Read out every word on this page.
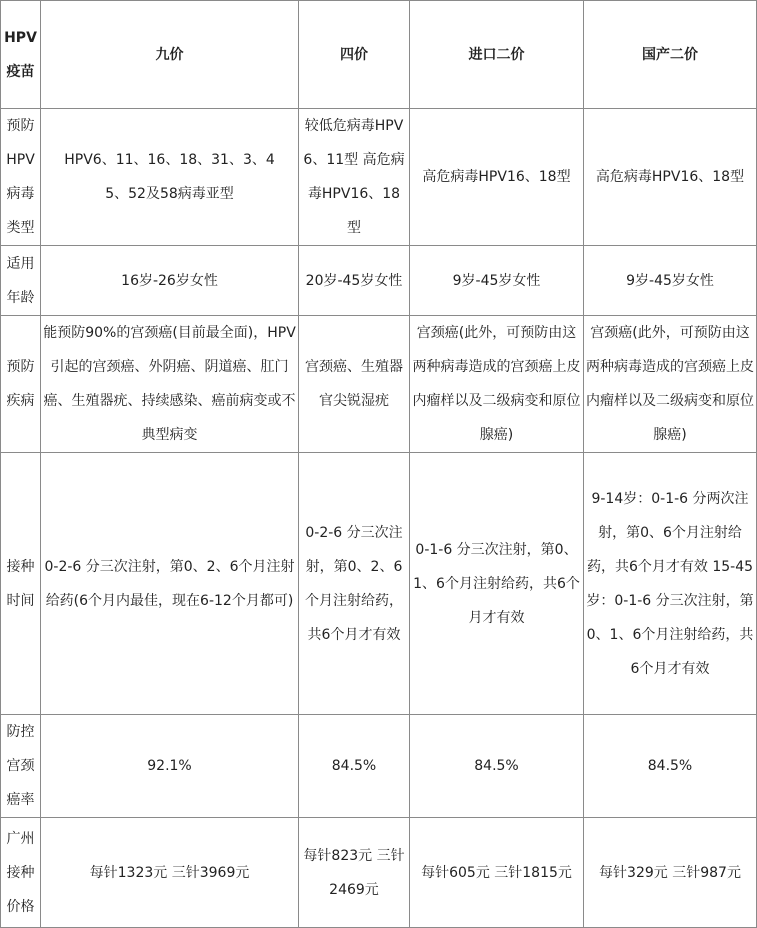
HPV疫苗	九价	四价	进口二价	国产二价

预防HPV病毒类型	HPV6、11、16、18、31、3、45、52及58病毒亚型	较低危病毒HPV6、11型 高危病毒HPV16、18型	高危病毒HPV16、18型	高危病毒HPV16、18型

适用年龄	16岁-26岁女性	20岁-45岁女性	9岁-45岁女性	9岁-45岁女性

预防疾病	能预防90%的宫颈癌(目前最全面)，HPV引起的宫颈癌、外阴癌、阴道癌、肛门癌、生殖器疣、持续感染、癌前病变或不典型病变	宫颈癌、生殖器官尖锐湿疣	宫颈癌(此外，可预防由这两种病毒造成的宫颈癌上皮内瘤样以及二级病变和原位腺癌)	宫颈癌(此外，可预防由这两种病毒造成的宫颈癌上皮内瘤样以及二级病变和原位腺癌)

接种时间	0-2-6 分三次注射，第0、2、6个月注射给药(6个月内最佳，现在6-12个月都可)	0-2-6 分三次注射，第0、2、6个月注射给药，共6个月才有效	0-1-6 分三次注射，第0、1、6个月注射给药，共6个月才有效	9-14岁：0-1-6 分两次注射，第0、6个月注射给药，共6个月才有效 15-45岁：0-1-6 分三次注射，第0、1、6个月注射给药，共6个月才有效

防控宫颈癌率	92.1%	84.5%	84.5%	84.5%

广州接种价格	每针1323元 三针3969元	每针823元 三针2469元	每针605元 三针1815元	每针329元 三针987元
